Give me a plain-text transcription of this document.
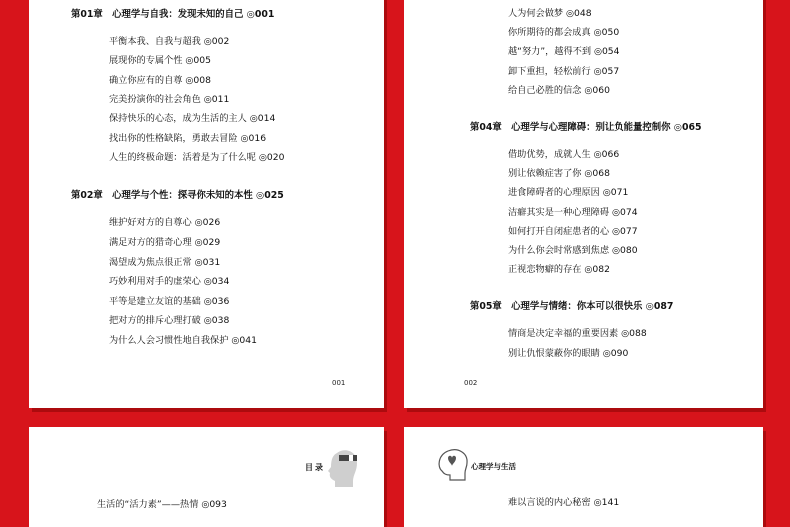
第01章　心理学与自我：发现未知的自己 ◎001
平衡本我、自我与超我 ◎002
展现你的专属个性 ◎005
确立你应有的自尊 ◎008
完美扮演你的社会角色 ◎011
保持快乐的心态，成为生活的主人 ◎014
找出你的性格缺陷，勇敢去冒险 ◎016
人生的终极命题：活着是为了什么呢 ◎020
第02章　心理学与个性：探寻你未知的本性 ◎025
维护好对方的自尊心 ◎026
满足对方的猎奇心理 ◎029
渴望成为焦点很正常 ◎031
巧妙利用对手的虚荣心 ◎034
平等是建立友谊的基础 ◎036
把对方的排斥心理打破 ◎038
为什么人会习惯性地自我保护 ◎041
001
人为何会做梦 ◎048
你所期待的都会成真 ◎050
越“努力”，越得不到 ◎054
卸下重担，轻松前行 ◎057
给自己必胜的信念 ◎060
第04章　心理学与心理障碍：别让负能量控制你 ◎065
借助优势，成就人生 ◎066
别让依赖症害了你 ◎068
进食障碍者的心理原因 ◎071
洁癖其实是一种心理障碍 ◎074
如何打开自闭症患者的心 ◎077
为什么你会时常感到焦虑 ◎080
正视恋物癖的存在 ◎082
第05章　心理学与情绪：你本可以很快乐 ◎087
情商是决定幸福的重要因素 ◎088
别让仇恨蒙蔽你的眼睛 ◎090
002
目录
生活的“活力素”——热情 ◎093
心理学与生活
难以言说的内心秘密 ◎141
